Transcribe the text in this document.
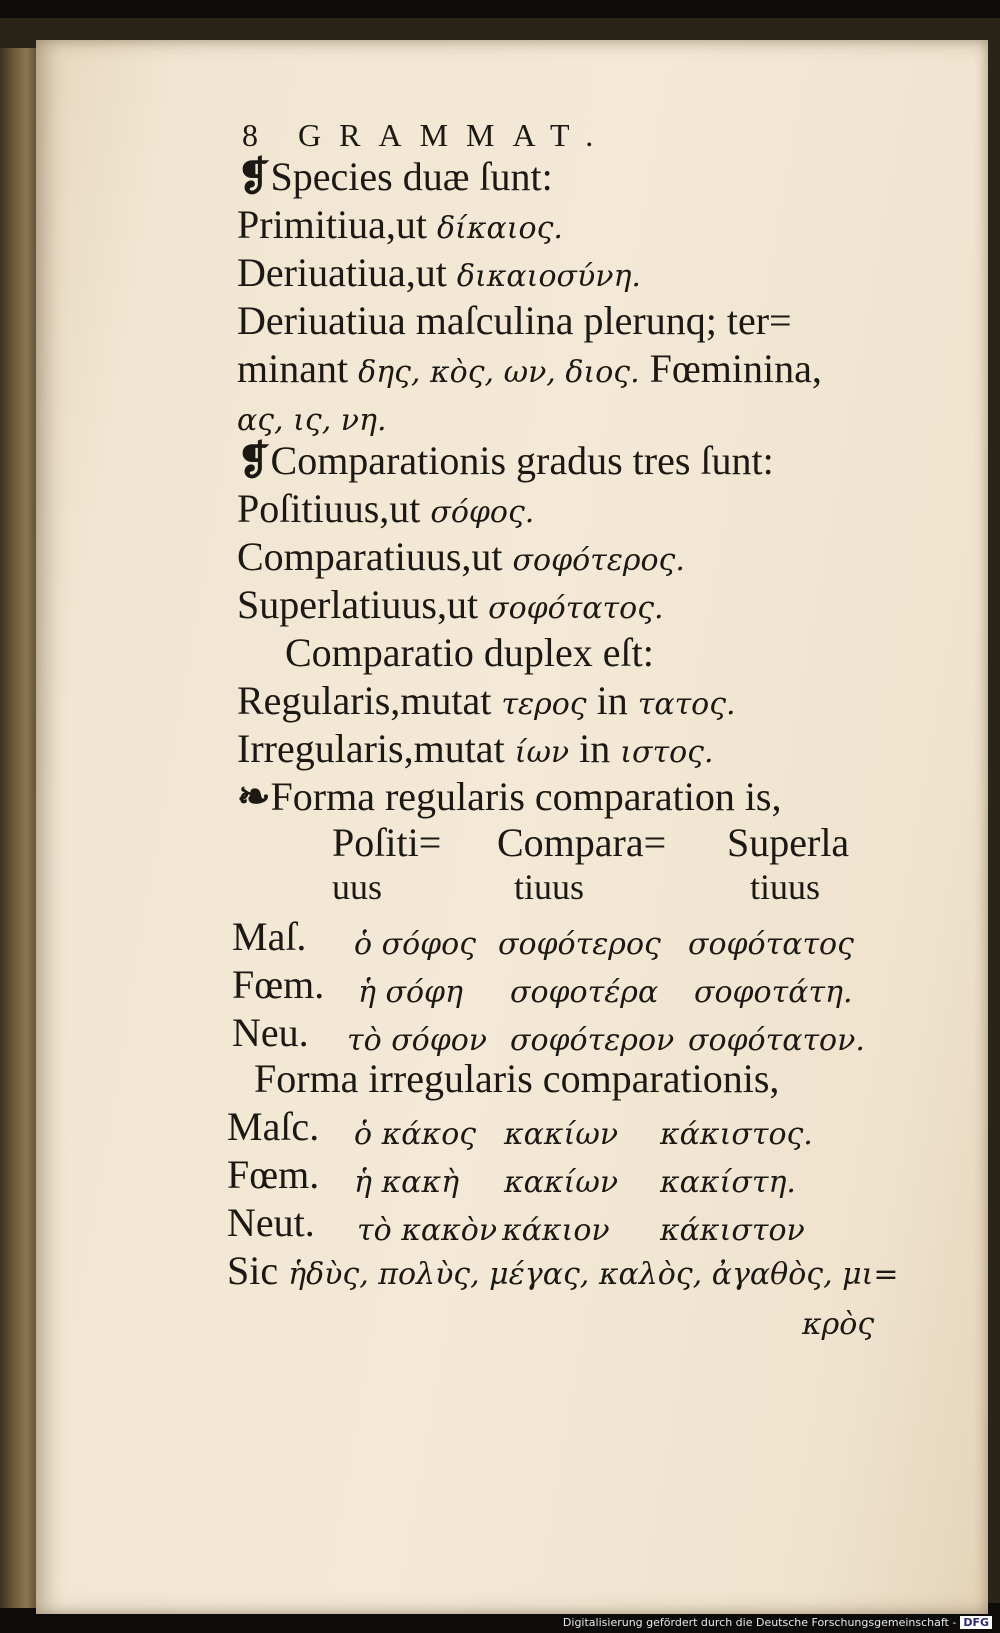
8 GRAMMAT.
❡Species duæ ſunt:
Primitiua,ut δίκαιος.
Deriuatiua,ut δικαιοσύνη.
Deriuatiua maſculina plerunq; ter=
minant δης, κὸς, ων, διος. Fœminina,
ας, ις, νη.
❡Comparationis gradus tres ſunt:
Poſitiuus,ut σόφος.
Comparatiuus,ut σοφότερος.
Superlatiuus,ut σοφότατος.
Comparatio duplex eſt:
Regularis,mutat τερος in τατος.
Irregularis,mutat ίων in ιστος.
❧Forma regularis comparation is,
Poſiti= Compara= Superla
uus	tiuus	tiuus
Maſ. ὁ σόφος σοφότερος σοφότατος
Fœm. ἡ σόφη σοφοτέρα σοφοτάτη.
Neu. τὸ σόφον σοφότερον σοφότατον.
Forma irregularis comparationis,
Maſc. ὁ κάκος κακίων κάκιστος.
Fœm. ἡ κακὴ κακίων κακίστη.
Neut. τὸ κακὸν κάκιον κάκιστον
Sic ἡδὺς, πολὺς, μέγας, καλὸς, ἀγαθὸς, μι=
κρὸς
Digitalisierung gefördert durch die Deutsche Forschungsgemeinschaft - DFG
